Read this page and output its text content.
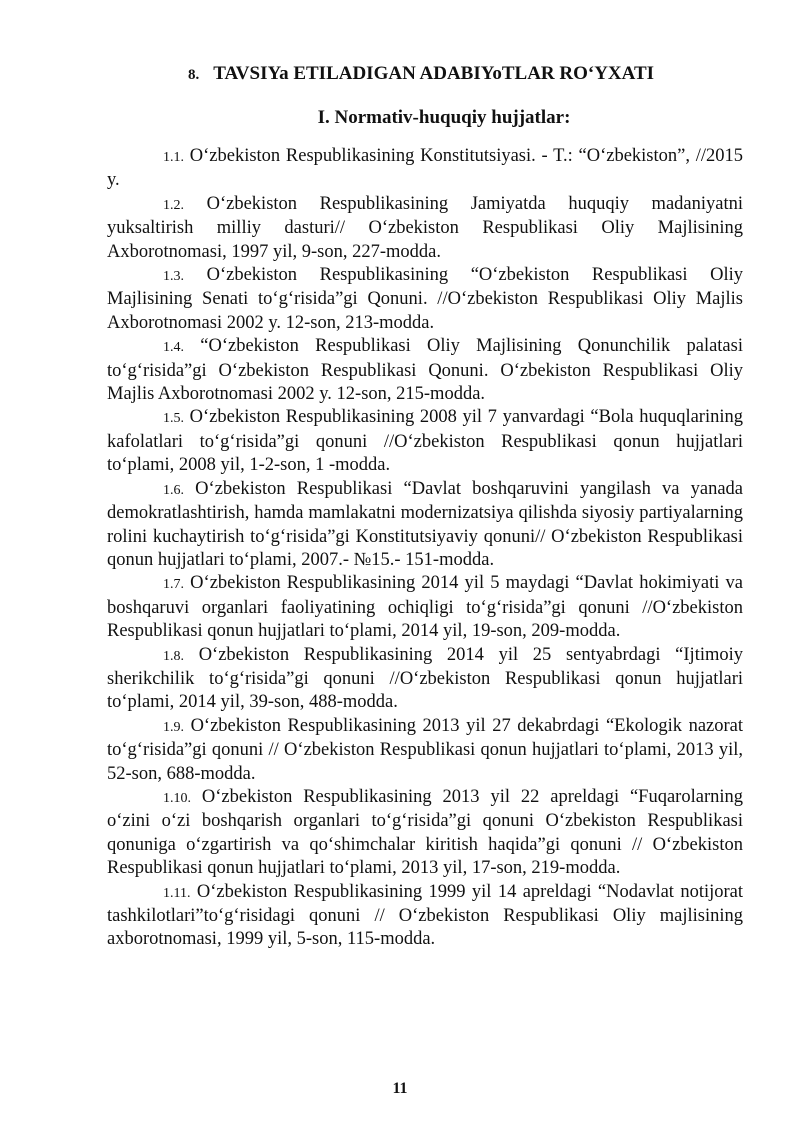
8. TAVSIYa ETILADIGAN ADABIYoTLAR RO‘YXATI
I. Normativ-huquqiy hujjatlar:

1.1. O‘zbekiston Respublikasining Konstitutsiyasi. - T.: “O‘zbekiston”, //2015 y.

1.2. O‘zbekiston Respublikasining Jamiyatda huquqiy madaniyatni yuksaltirish milliy dasturi// O‘zbekiston Respublikasi Oliy Majlisining Axborotnomasi, 1997 yil, 9-son, 227-modda.

1.3. O‘zbekiston Respublikasining “O‘zbekiston Respublikasi Oliy Majlisining Senati to‘g‘risida”gi Qonuni. //O‘zbekiston Respublikasi Oliy Majlis Axborotnomasi 2002 y. 12-son, 213-modda.

1.4. “O‘zbekiston Respublikasi Oliy Majlisining Qonunchilik palatasi to‘g‘risida”gi O‘zbekiston Respublikasi Qonuni. O‘zbekiston Respublikasi Oliy Majlis Axborotnomasi 2002 y. 12-son, 215-modda.

1.5. O‘zbekiston Respublikasining 2008 yil 7 yanvardagi “Bola huquqlarining kafolatlari to‘g‘risida”gi qonuni //O‘zbekiston Respublikasi qonun hujjatlari to‘plami, 2008 yil, 1-2-son, 1 -modda.

1.6. O‘zbekiston Respublikasi “Davlat boshqaruvini yangilash va yanada demokratlashtirish, hamda mamlakatni modernizatsiya qilishda siyosiy partiyalarning rolini kuchaytirish to‘g‘risida”gi Konstitutsiyaviy qonuni// O‘zbekiston Respublikasi qonun hujjatlari to‘plami, 2007.- №15.- 151-modda.

1.7. O‘zbekiston Respublikasining 2014 yil 5 maydagi “Davlat hokimiyati va boshqaruvi organlari faoliyatining ochiqligi to‘g‘risida”gi qonuni //O‘zbekiston Respublikasi qonun hujjatlari to‘plami, 2014 yil, 19-son, 209-modda.

1.8. O‘zbekiston Respublikasining 2014 yil 25 sentyabrdagi “Ijtimoiy sherikchilik to‘g‘risida”gi qonuni //O‘zbekiston Respublikasi qonun hujjatlari to‘plami, 2014 yil, 39-son, 488-modda.

1.9. O‘zbekiston Respublikasining 2013 yil 27 dekabrdagi “Ekologik nazorat to‘g‘risida”gi qonuni // O‘zbekiston Respublikasi qonun hujjatlari to‘plami, 2013 yil, 52-son, 688-modda.

1.10. O‘zbekiston Respublikasining 2013 yil 22 apreldagi “Fuqarolarning o‘zini o‘zi boshqarish organlari to‘g‘risida”gi qonuni O‘zbekiston Respublikasi qonuniga o‘zgartirish va qo‘shimchalar kiritish haqida”gi qonuni // O‘zbekiston Respublikasi qonun hujjatlari to‘plami, 2013 yil, 17-son, 219-modda.

1.11. O‘zbekiston Respublikasining 1999 yil 14 apreldagi “Nodavlat notijorat tashkilotlari”to‘g‘risidagi qonuni // O‘zbekiston Respublikasi Oliy majlisining axborotnomasi, 1999 yil, 5-son, 115-modda.

11
